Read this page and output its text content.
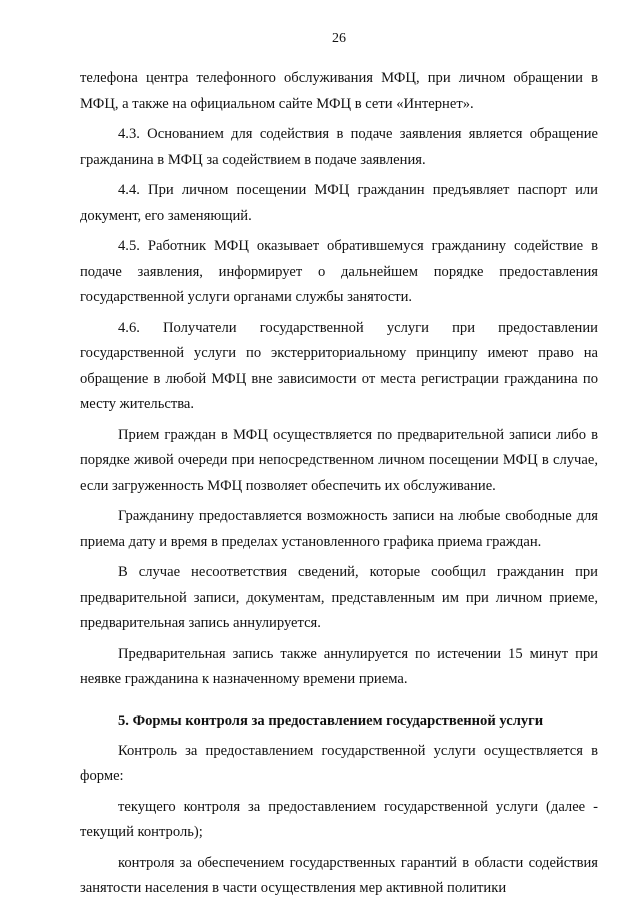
26

телефона центра телефонного обслуживания МФЦ, при личном обращении в МФЦ, а также на официальном сайте МФЦ в сети «Интернет».

4.3. Основанием для содействия в подаче заявления является обращение гражданина в МФЦ за содействием в подаче заявления.

4.4. При личном посещении МФЦ гражданин предъявляет паспорт или документ, его заменяющий.

4.5. Работник МФЦ оказывает обратившемуся гражданину содействие в подаче заявления, информирует о дальнейшем порядке предоставления государственной услуги органами службы занятости.

4.6. Получатели государственной услуги при предоставлении государственной услуги по экстерриториальному принципу имеют право на обращение в любой МФЦ вне зависимости от места регистрации гражданина по месту жительства.

Прием граждан в МФЦ осуществляется по предварительной записи либо в порядке живой очереди при непосредственном личном посещении МФЦ в случае, если загруженность МФЦ позволяет обеспечить их обслуживание.

Гражданину предоставляется возможность записи на любые свободные для приема дату и время в пределах установленного графика приема граждан.

В случае несоответствия сведений, которые сообщил гражданин при предварительной записи, документам, представленным им при личном приеме, предварительная запись аннулируется.

Предварительная запись также аннулируется по истечении 15 минут при неявке гражданина к назначенному времени приема.

5. Формы контроля за предоставлением государственной услуги

Контроль за предоставлением государственной услуги осуществляется в форме:

текущего контроля за предоставлением государственной услуги (далее - текущий контроль);

контроля за обеспечением государственных гарантий в области содействия занятости населения в части осуществления мер активной политики
